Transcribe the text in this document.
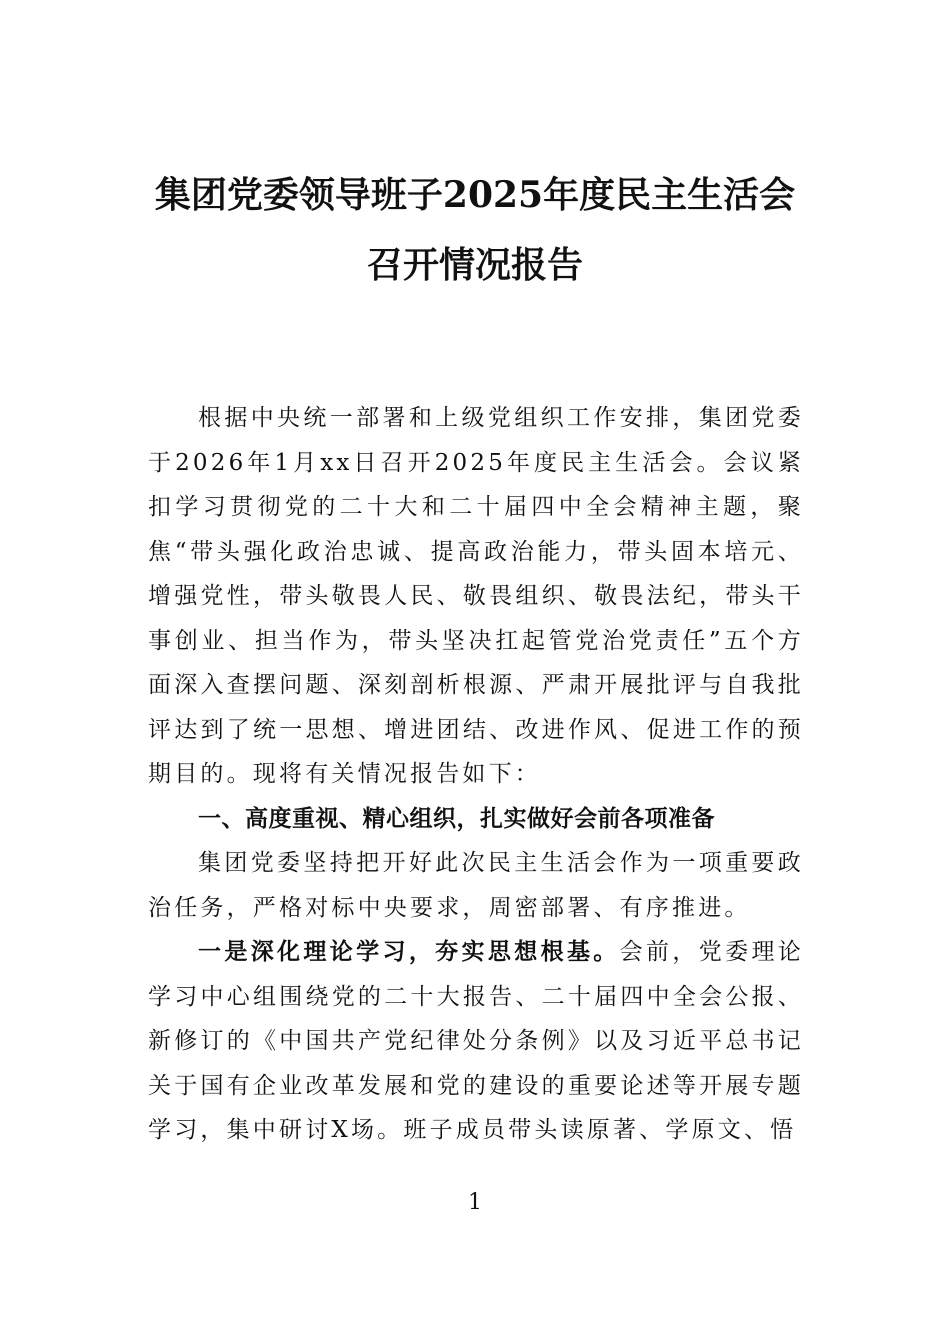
集团党委领导班子2025年度民主生活会召开情况报告

根据中央统一部署和上级党组织工作安排，集团党委于2026年1月xx日召开2025年度民主生活会。会议紧扣学习贯彻党的二十大和二十届四中全会精神主题，聚焦“带头强化政治忠诚、提高政治能力，带头固本培元、增强党性，带头敬畏人民、敬畏组织、敬畏法纪，带头干事创业、担当作为，带头坚决扛起管党治党责任”五个方面深入查摆问题、深刻剖析根源、严肃开展批评与自我批评达到了统一思想、增进团结、改进作风、促进工作的预期目的。现将有关情况报告如下：

一、高度重视、精心组织，扎实做好会前各项准备

集团党委坚持把开好此次民主生活会作为一项重要政治任务，严格对标中央要求，周密部署、有序推进。

一是深化理论学习，夯实思想根基。会前，党委理论学习中心组围绕党的二十大报告、二十届四中全会公报、新修订的《中国共产党纪律处分条例》以及习近平总书记关于国有企业改革发展和党的建设的重要论述等开展专题学习，集中研讨X场。班子成员带头读原著、学原文、悟

1
